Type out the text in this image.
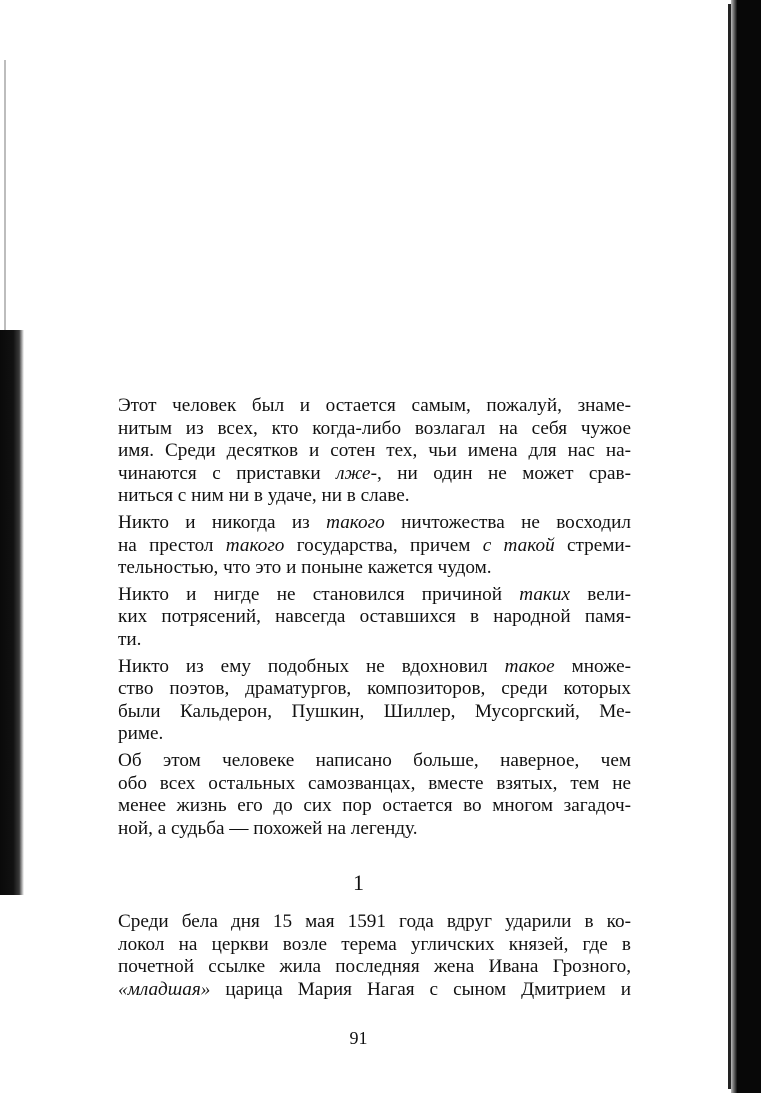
Этот человек был и остается самым, пожалуй, знаме-
нитым из всех, кто когда-либо возлагал на себя чужое
имя. Среди десятков и сотен тех, чьи имена для нас на-
чинаются с приставки лже-, ни один не может срав-
ниться с ним ни в удаче, ни в славе.

Никто и никогда из такого ничтожества не восходил
на престол такого государства, причем с такой стреми-
тельностью, что это и поныне кажется чудом.

Никто и нигде не становился причиной таких вели-
ких потрясений, навсегда оставшихся в народной памя-
ти.

Никто из ему подобных не вдохновил такое множе-
ство поэтов, драматургов, композиторов, среди которых
были Кальдерон, Пушкин, Шиллер, Мусоргский, Ме-
риме.

Об этом человеке написано больше, наверное, чем
обо всех остальных самозванцах, вместе взятых, тем не
менее жизнь его до сих пор остается во многом загадоч-
ной, а судьба — похожей на легенду.

1

Среди бела дня 15 мая 1591 года вдруг ударили в ко-
локол на церкви возле терема угличских князей, где в
почетной ссылке жила последняя жена Ивана Грозного,
«младшая» царица Мария Нагая с сыном Дмитрием и

91
